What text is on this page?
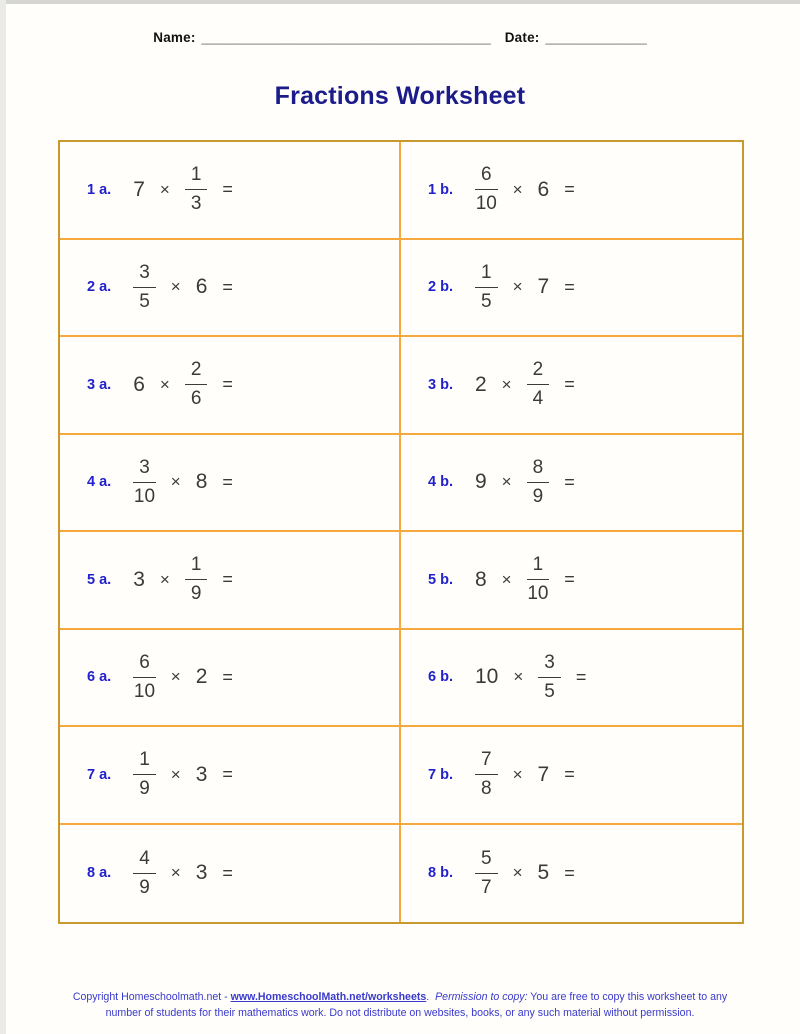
Name: ________________________________________ Date: ______________
Fractions Worksheet
1 a. $7 \times \frac{1}{3}$ =	1 b. $\frac{6}{10} \times 6$ =
2 a. $\frac{3}{5} \times 6$ =	2 b. $\frac{1}{5} \times 7$ =
3 a. $6 \times \frac{2}{6}$ =	3 b. $2 \times \frac{2}{4}$ =
4 a. $\frac{3}{10} \times 8$ =	4 b. $9 \times \frac{8}{9}$ =
5 a. $3 \times \frac{1}{9}$ =	5 b. $8 \times \frac{1}{10}$ =
6 a. $\frac{6}{10} \times 2$ =	6 b. $10 \times \frac{3}{5}$ =
7 a. $\frac{1}{9} \times 3$ =	7 b. $\frac{7}{8} \times 7$ =
8 a. $\frac{4}{9} \times 3$ =	8 b. $\frac{5}{7} \times 5$ =
Copyright Homeschoolmath.net - www.HomeschoolMath.net/worksheets.  Permission to copy: You are free to copy this worksheet to any number of students for their mathematics work. Do not distribute on websites, books, or any such material without permission.
